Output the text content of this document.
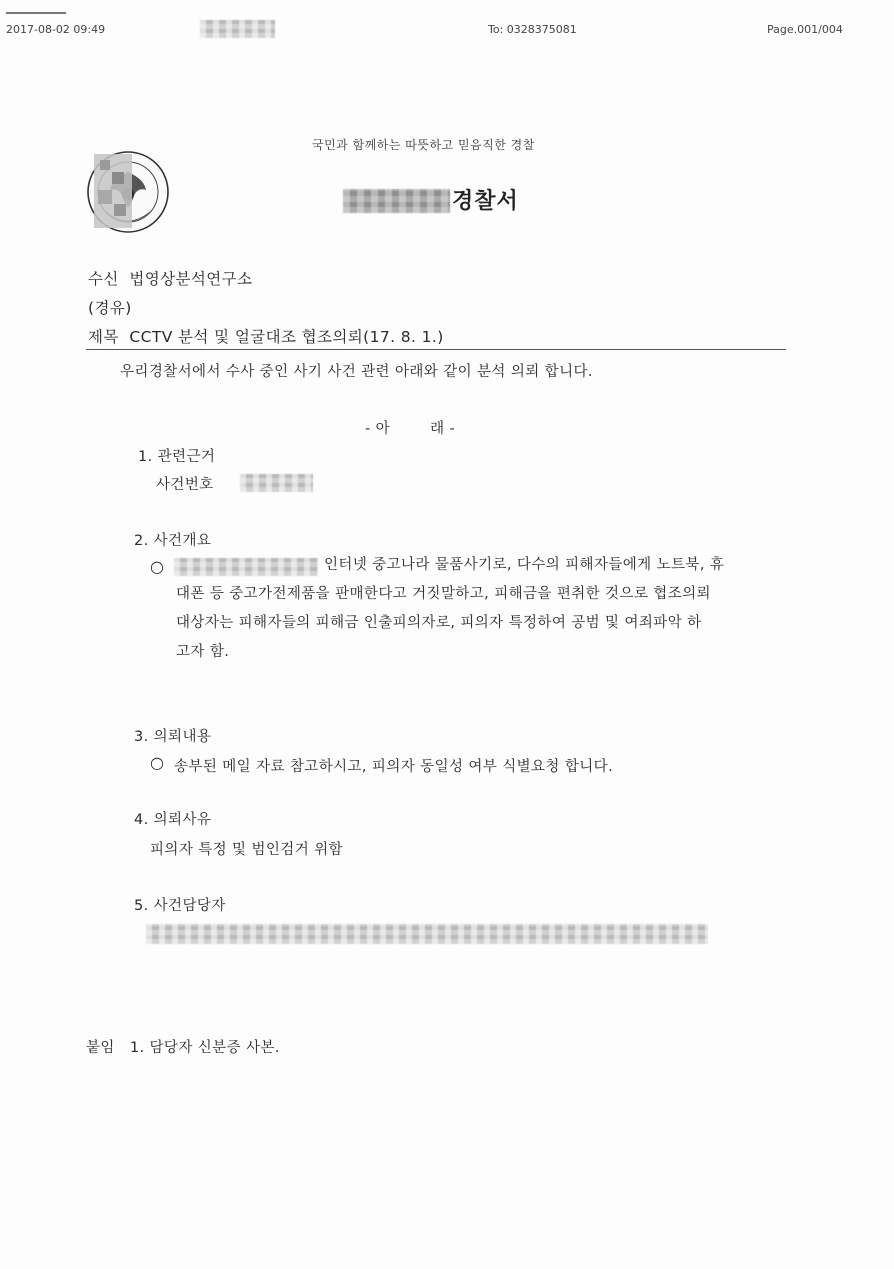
2017-08-02 09:49	To: 0328375081	Page.001/004
국민과 함께하는 따뜻하고 믿음직한 경찰
경찰서
수신 법영상분석연구소
(경유)
제목 CCTV 분석 및 얼굴대조 협조의뢰(17. 8. 1.)
우리경찰서에서 수사 중인 사기 사건 관련 아래와 같이 분석 의뢰 합니다.
- 아        래 -
1. 관련근거
사건번호
2. 사건개요
○	인터넷 중고나라 물품사기로, 다수의 피해자들에게 노트북, 휴
대폰 등 중고가전제품을 판매한다고 거짓말하고, 피해금을 편취한 것으로 협조의뢰
대상자는 피해자들의 피해금 인출피의자로, 피의자 특정하여 공범 및 여죄파악 하
고자 함.
3. 의뢰내용
○ 송부된 메일 자료 참고하시고, 피의자 동일성 여부 식별요청 합니다.
4. 의뢰사유
피의자 특정 및 범인검거 위함
5. 사건담당자
붙임 1. 담당자 신분증 사본.
